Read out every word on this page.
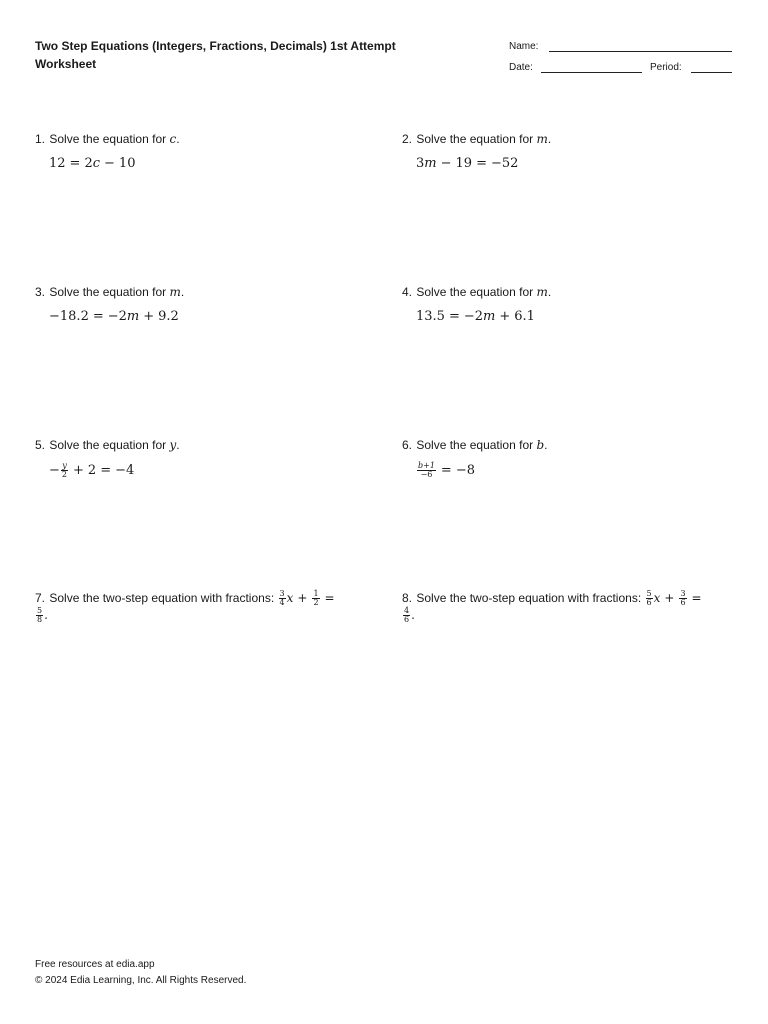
Two Step Equations (Integers, Fractions, Decimals) 1st Attempt Worksheet
Name:
Date:	Period:
1. Solve the equation for c.
12 = 2c − 10
2. Solve the equation for m.
3m − 19 = −52
3. Solve the equation for m.
−18.2 = −2m + 9.2
4. Solve the equation for m.
13.5 = −2m + 6.1
5. Solve the equation for y.
− $\frac{y}{2} + 2 = -4$
6. Solve the equation for b.
$\frac{b+1}{-6} = -8$
7. Solve the two-step equation with fractions: $\frac{3}{4}$ $x + \frac{1}{2}$ =

$\frac{5}{8}$ .
8. Solve the two-step equation with fractions: $\frac{5}{6}$ $x + \frac{3}{6}$ =

$\frac{4}{6}$ .
Free resources at edia.app
© 2024 Edia Learning, Inc. All Rights Reserved.
